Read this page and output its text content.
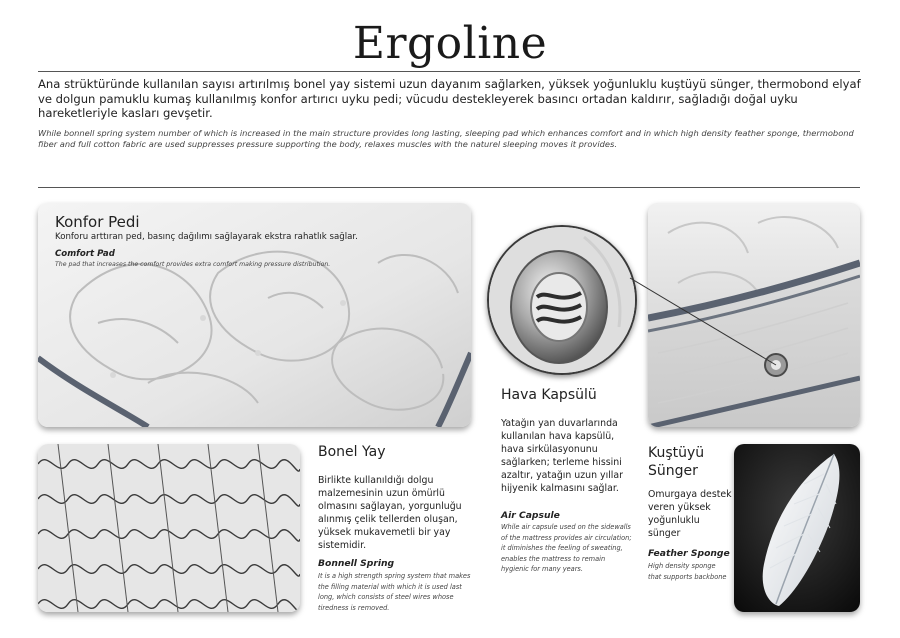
Ergoline
Ana strüktüründe kullanılan sayısı artırılmış bonel yay sistemi uzun dayanım sağlarken, yüksek yoğunluklu kuştüyü sünger, thermobond elyaf ve dolgun pamuklu kumaş kullanılmış konfor artırıcı uyku pedi; vücudu destekleyerek basıncı ortadan kaldırır, sağladığı doğal uyku hareketleriyle kasları gevşetir.
While bonnell spring system number of which is increased in the main structure provides long lasting, sleeping pad which enhances comfort and in which high density feather sponge, thermobond fiber and full cotton fabric are used suppresses pressure supporting the body, relaxes muscles with the naturel sleeping moves it provides.
Konfor Pedi
Konforu arttıran ped, basınç dağılımı sağlayarak ekstra rahatlık sağlar.
Comfort Pad
The pad that increases the comfort provides extra comfort making pressure distribution.
Hava Kapsülü
Yatağın yan duvarlarında
kullanılan hava kapsülü,
hava sirkülasyonunu
sağlarken; terleme hissini
azaltır, yatağın uzun yıllar
hijyenik kalmasını sağlar.
Air Capsule
While air capsule used on the sidewalls
of the mattress provides air circulation;
it diminishes the feeling of sweating,
enables the mattress to remain
hygienic for many years.
Bonel Yay
Birlikte kullanıldığı dolgu
malzemesinin uzun ömürlü
olmasını sağlayan, yorgunluğu
alınmış çelik tellerden oluşan,
yüksek mukavemetli bir yay
sistemidir.
Bonnell Spring
It is a high strength spring system that makes
the filling material with which it is used last
long, which consists of steel wires whose
tiredness is removed.
Kuştüyü
Sünger
Omurgaya destek
veren yüksek
yoğunluklu
sünger
Feather Sponge
High density sponge
that supports backbone
